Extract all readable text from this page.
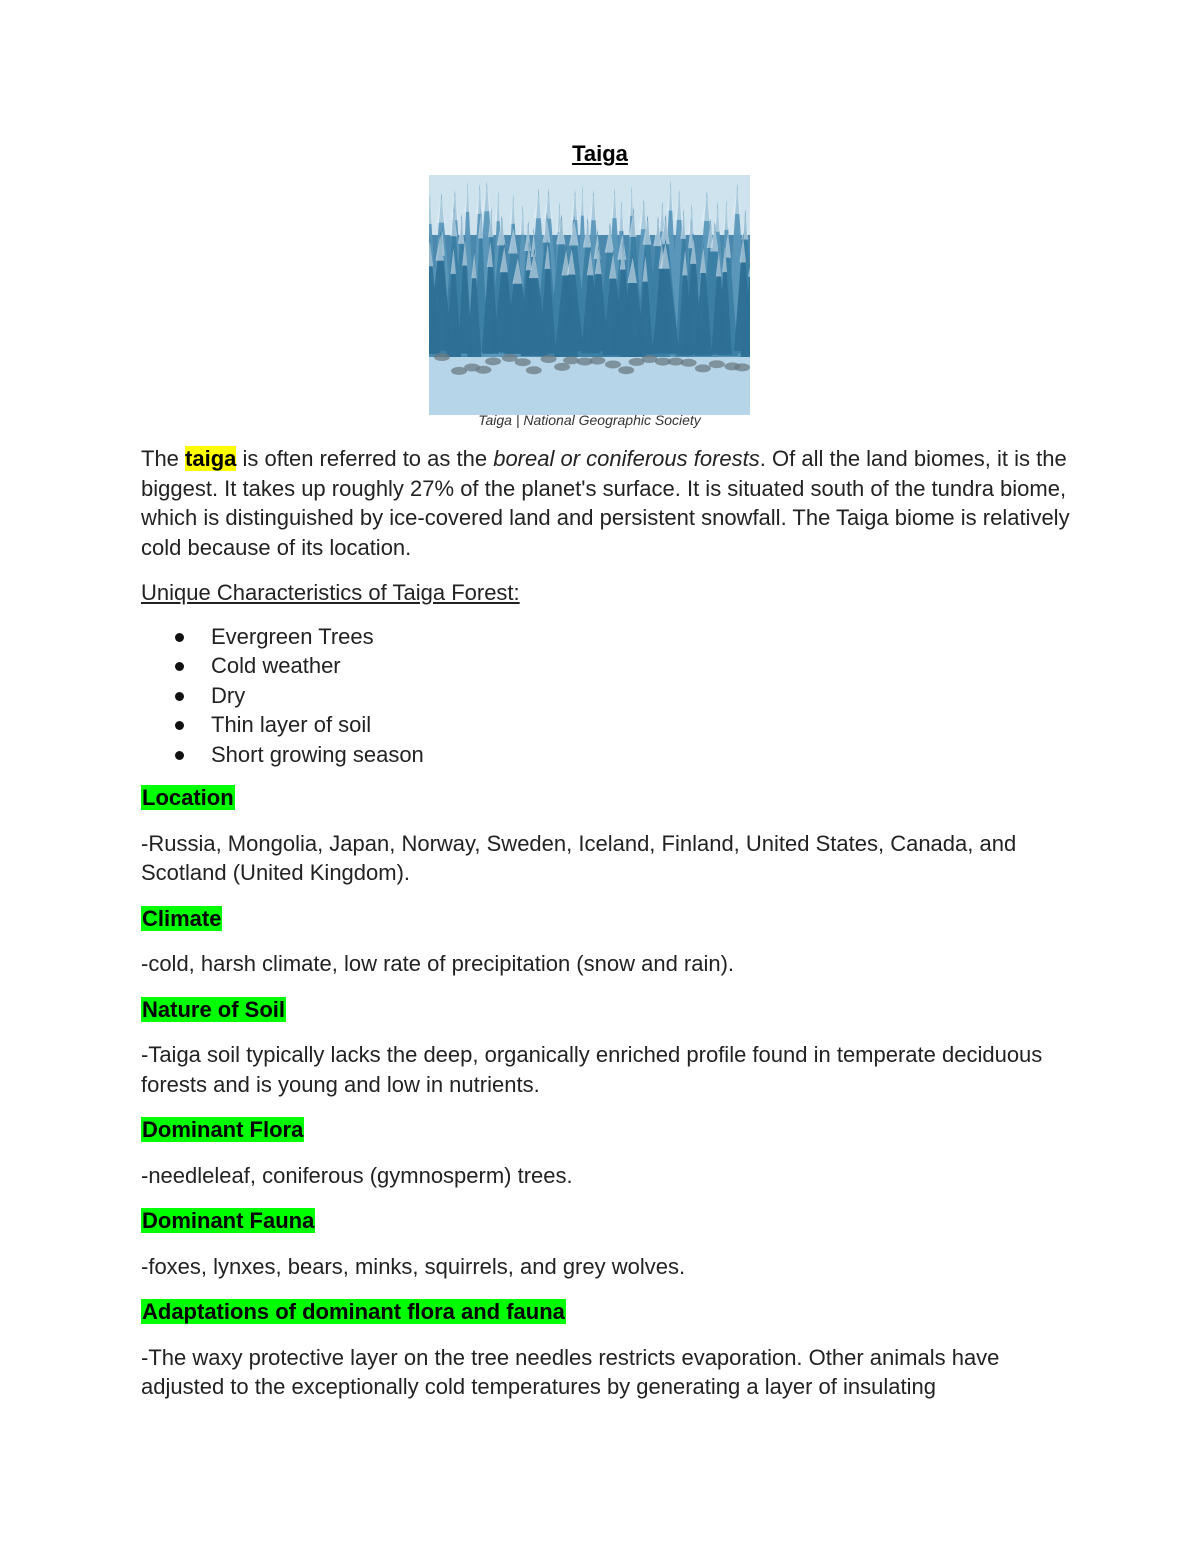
Taiga
Taiga | National Geographic Society

The taiga is often referred to as the boreal or coniferous forests. Of all the land biomes, it is the biggest. It takes up roughly 27% of the planet's surface. It is situated south of the tundra biome, which is distinguished by ice-covered land and persistent snowfall. The Taiga biome is relatively cold because of its location.

Unique Characteristics of Taiga Forest:

Evergreen Trees
Cold weather
Dry
Thin layer of soil
Short growing season

Location

-Russia, Mongolia, Japan, Norway, Sweden, Iceland, Finland, United States, Canada, and Scotland (United Kingdom).

Climate

-cold, harsh climate, low rate of precipitation (snow and rain).

Nature of Soil

-Taiga soil typically lacks the deep, organically enriched profile found in temperate deciduous forests and is young and low in nutrients.

Dominant Flora

-needleleaf, coniferous (gymnosperm) trees.

Dominant Fauna

-foxes, lynxes, bears, minks, squirrels, and grey wolves.

Adaptations of dominant flora and fauna

-The waxy protective layer on the tree needles restricts evaporation. Other animals have adjusted to the exceptionally cold temperatures by generating a layer of insulating
